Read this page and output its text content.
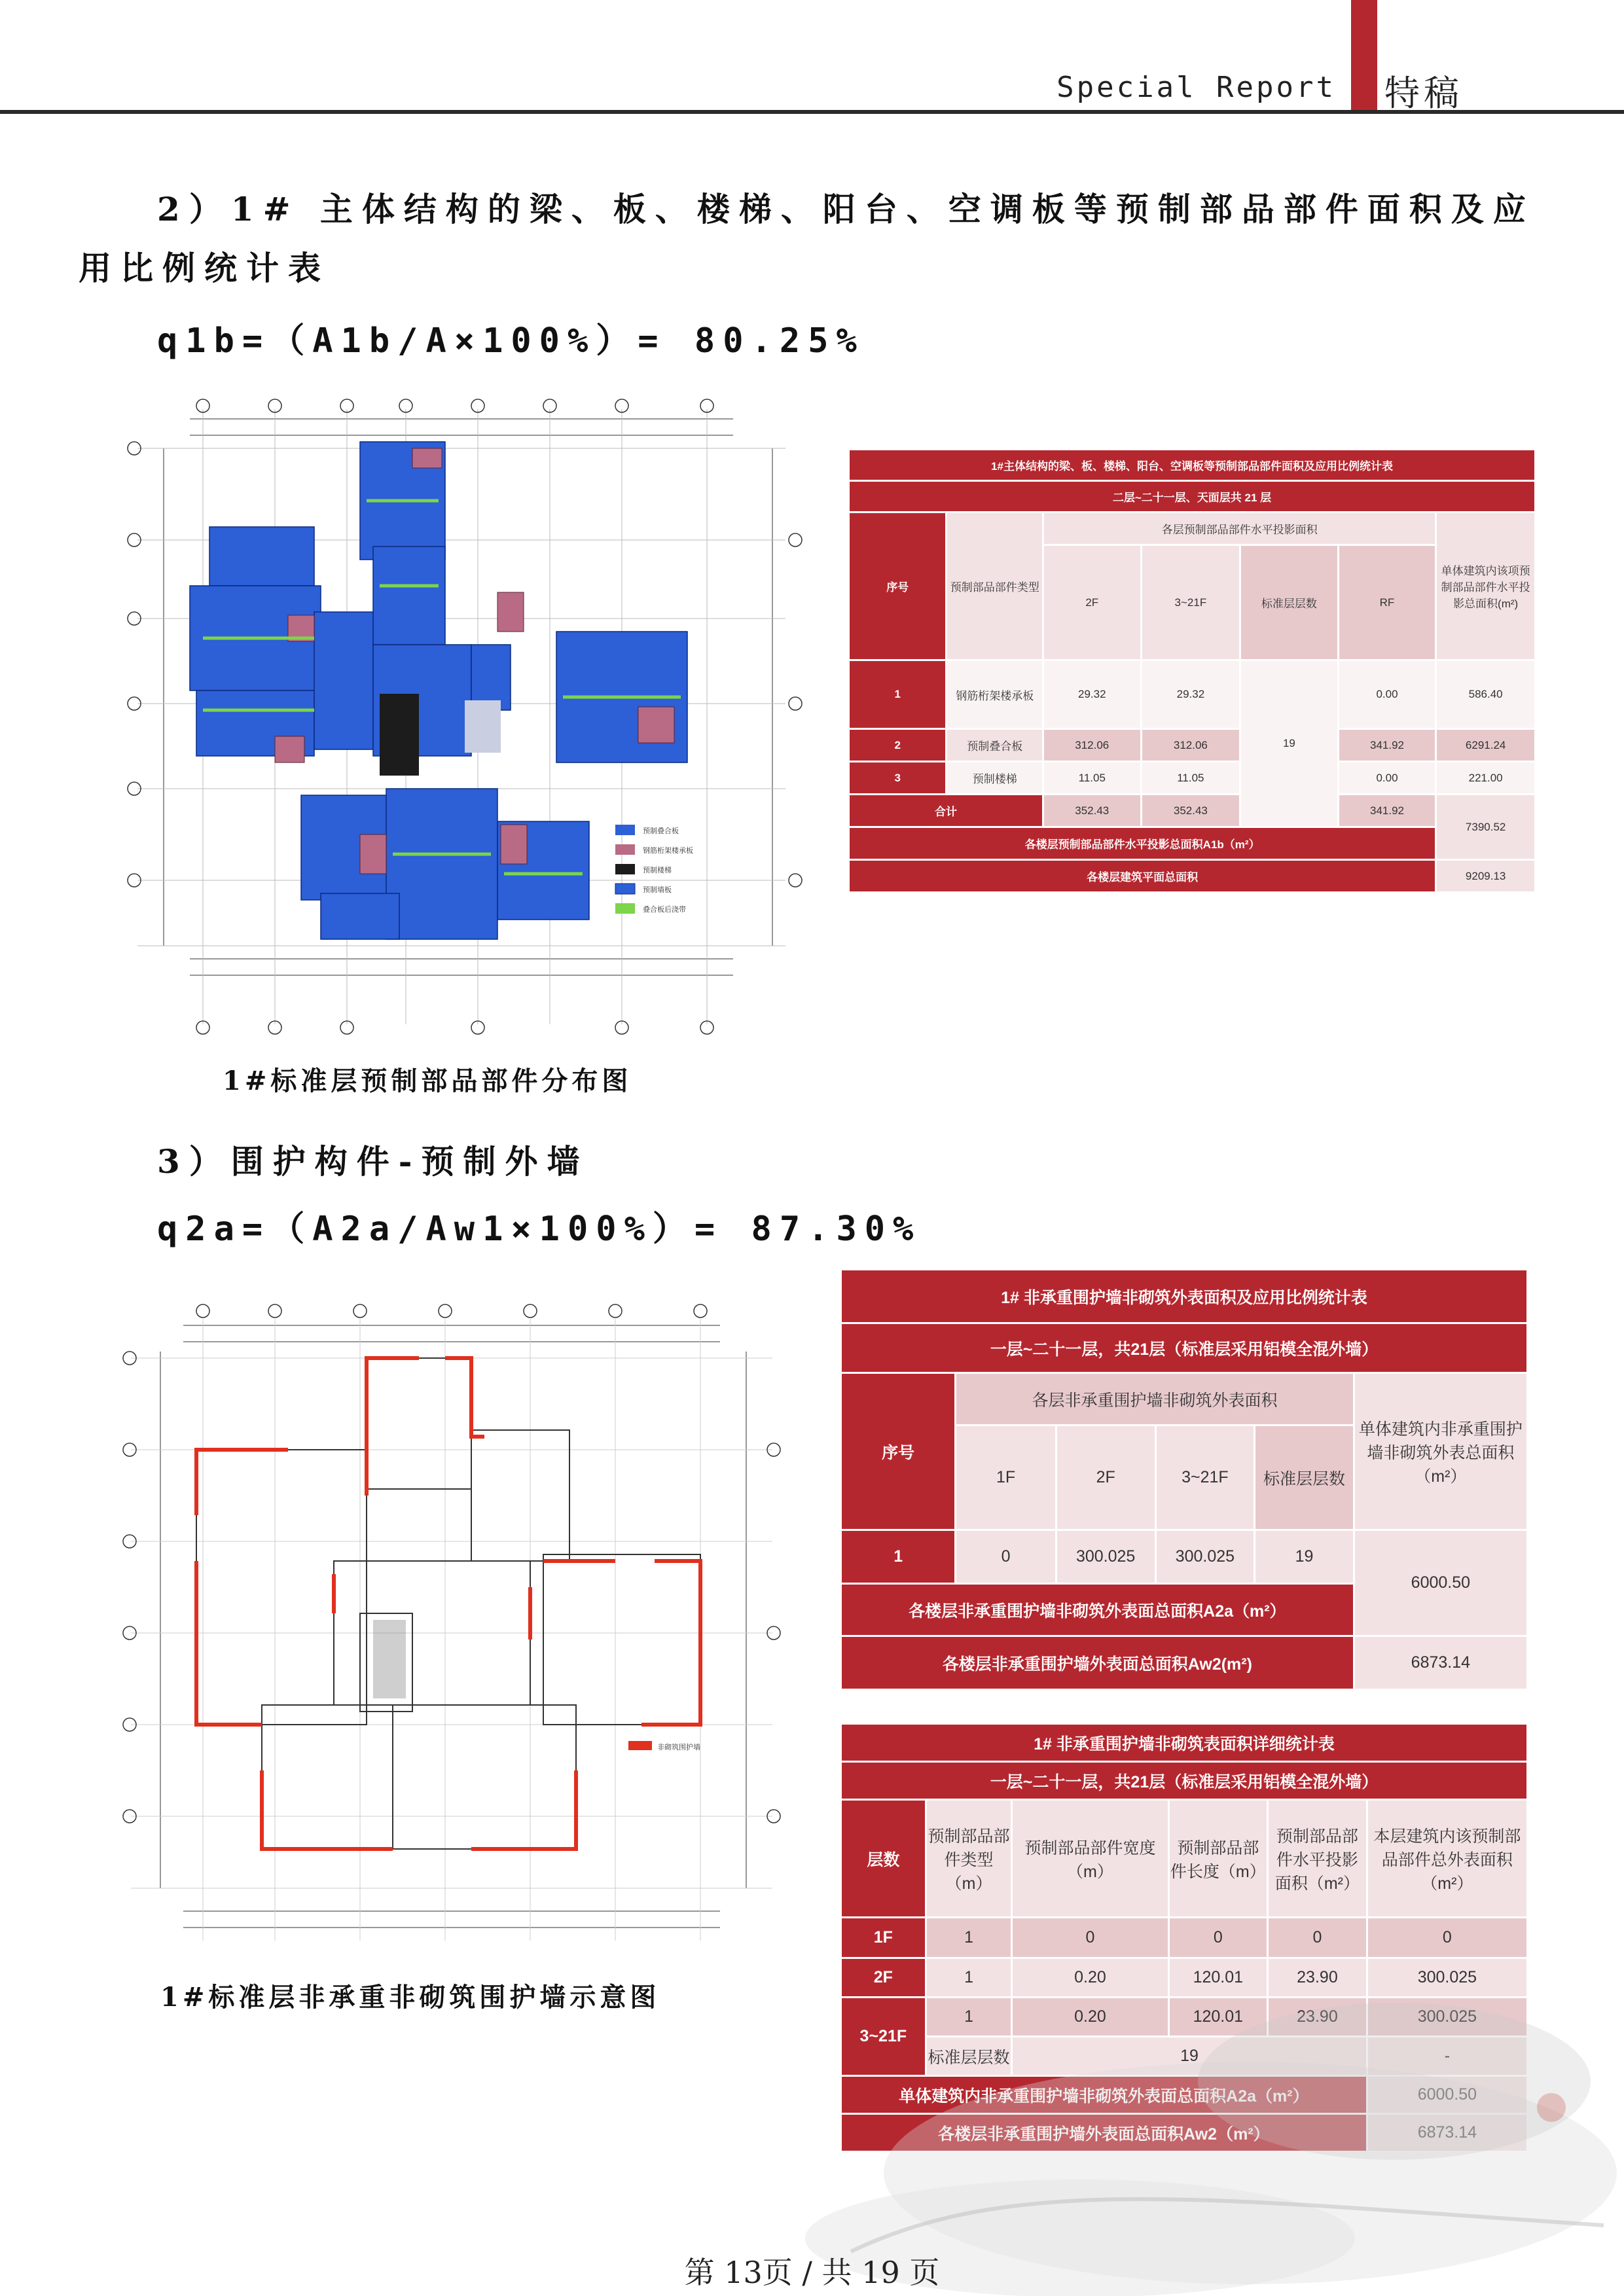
Special Report 特稿
2）1# 主体结构的梁、板、楼梯、阳台、空调板等预制部品部件面积及应用比例统计表
q1b=（A1b/A×100%）= 80.25%
预制叠合板
钢筋桁架楼承板
预制楼梯
预制墙板
叠合板后浇带
1#标准层预制部品部件分布图
1#主体结构的梁、板、楼梯、阳台、空调板等预制部品部件面积及应用比例统计表						
二层~二十一层、天面层共 21 层						
序号	预制部品部件类型	各层预制部品部件水平投影面积				单体建筑内该项预制部品部件水平投影总面积(m²)
		2F	3~21F	标准层层数	RF	
1	钢筋桁架楼承板	29.32	29.32	19	0.00	586.40
2	预制叠合板	312.06	312.06		341.92	6291.24
3	预制楼梯	11.05	11.05		0.00	221.00
合计		352.43	352.43		341.92	7390.52
各楼层预制部品部件水平投影总面积A1b（m²）						
各楼层建筑平面总面积						9209.13
3）围护构件-预制外墙
q2a=（A2a/Aw1×100%）= 87.30%
非砌筑围护墙
1#标准层非承重非砌筑围护墙示意图
1# 非承重围护墙非砌筑外表面积及应用比例统计表					
一层~二十一层，共21层（标准层采用铝模全混外墙）					
序号	各层非承重围护墙非砌筑外表面积				单体建筑内非承重围护墙非砌筑外表总面积（m²）
	1F	2F	3~21F	标准层层数	
1	0	300.025	300.025	19	6000.50
各楼层非承重围护墙非砌筑外表面总面积A2a（m²）					
各楼层非承重围护墙外表面总面积Aw2(m²)					6873.14
1# 非承重围护墙非砌筑表面积详细统计表					
一层~二十一层，共21层（标准层采用铝模全混外墙）					
层数	预制部品部件类型（m）	预制部品部件宽度（m）	预制部品部件长度（m）	预制部品部件水平投影面积（m²）	本层建筑内该预制部品部件总外表面积（m²）
1F	1	0	0	0	0
2F	1	0.20	120.01	23.90	300.025
3~21F	1	0.20	120.01	23.90	300.025
	标准层层数	19			-
单体建筑内非承重围护墙非砌筑外表面总面积A2a（m²）					6000.50
各楼层非承重围护墙外表面总面积Aw2（m²）					6873.14
第 13页 / 共 19 页
